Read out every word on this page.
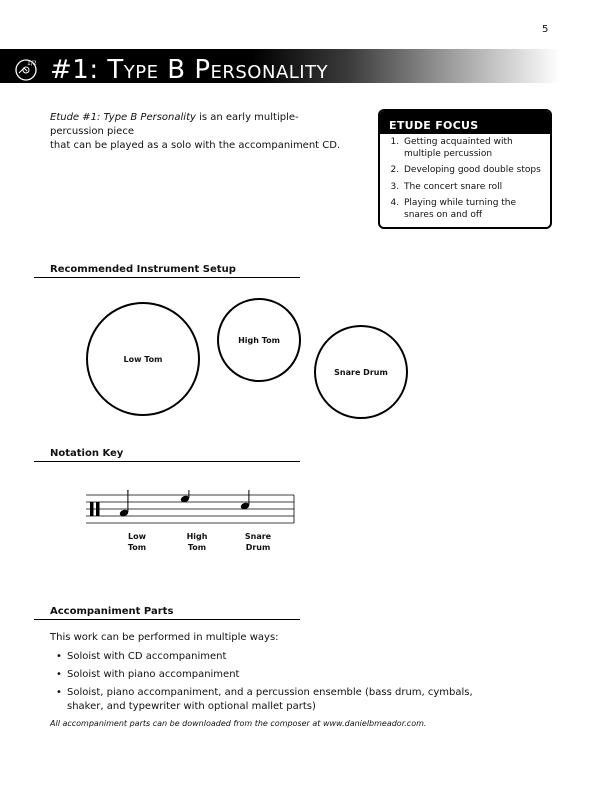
5
1/2 #1: Type B Personality
Etude #1: Type B Personality is an early multiple-percussion piece
that can be played as a solo with the accompaniment CD.
ETUDE FOCUS
1. Getting acquainted with multiple percussion
2. Developing good double stops
3. The concert snare roll
4. Playing while turning the snares on and off
Recommended Instrument Setup
Low Tom
High Tom
Snare Drum
Notation Key
Low
Tom
High
Tom
Snare
Drum
Accompaniment Parts
This work can be performed in multiple ways:
• Soloist with CD accompaniment
• Soloist with piano accompaniment
• Soloist, piano accompaniment, and a percussion ensemble (bass drum, cymbals, shaker, and typewriter with optional mallet parts)
All accompaniment parts can be downloaded from the composer at www.danielbmeador.com.
